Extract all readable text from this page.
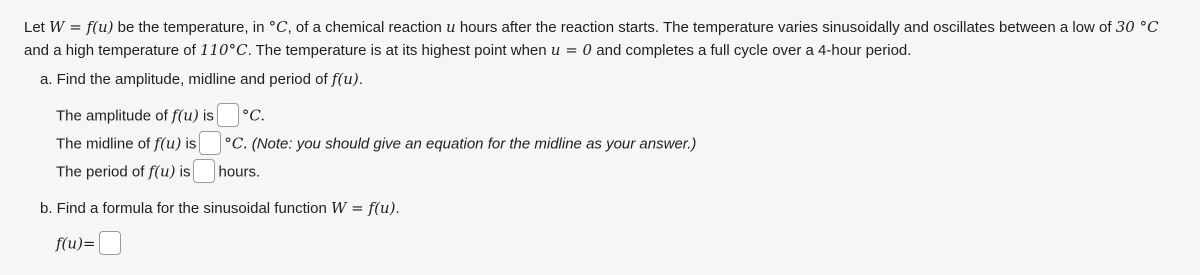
Let W = f(u) be the temperature, in °C, of a chemical reaction u hours after the reaction starts. The temperature varies sinusoidally and oscillates between a low of 30 °C and a high temperature of 110°C. The temperature is at its highest point when u = 0 and completes a full cycle over a 4-hour period.
a. Find the amplitude, midline and period of f(u).
The amplitude of f(u) is °C.
The midline of f(u) is °C. (Note: you should give an equation for the midline as your answer.)
The period of f(u) is hours.
b. Find a formula for the sinusoidal function W = f(u).
f(u)=
